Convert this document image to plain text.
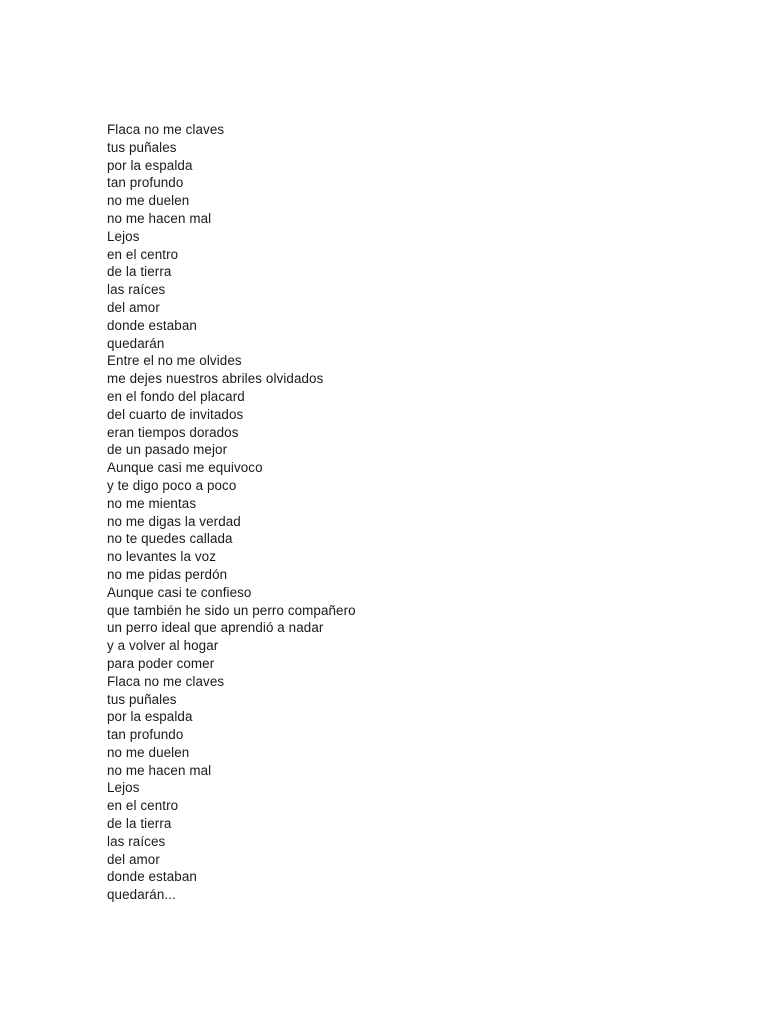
Flaca no me claves
tus puñales
por la espalda
tan profundo
no me duelen
no me hacen mal
Lejos
en el centro
de la tierra
las raíces
del amor
donde estaban
quedarán
Entre el no me olvides
me dejes nuestros abriles olvidados
en el fondo del placard
del cuarto de invitados
eran tiempos dorados
de un pasado mejor
Aunque casi me equivoco
y te digo poco a poco
no me mientas
no me digas la verdad
no te quedes callada
no levantes la voz
no me pidas perdón
Aunque casi te confieso
que también he sido un perro compañero
un perro ideal que aprendió a nadar
y a volver al hogar
para poder comer
Flaca no me claves
tus puñales
por la espalda
tan profundo
no me duelen
no me hacen mal
Lejos
en el centro
de la tierra
las raíces
del amor
donde estaban
quedarán...
